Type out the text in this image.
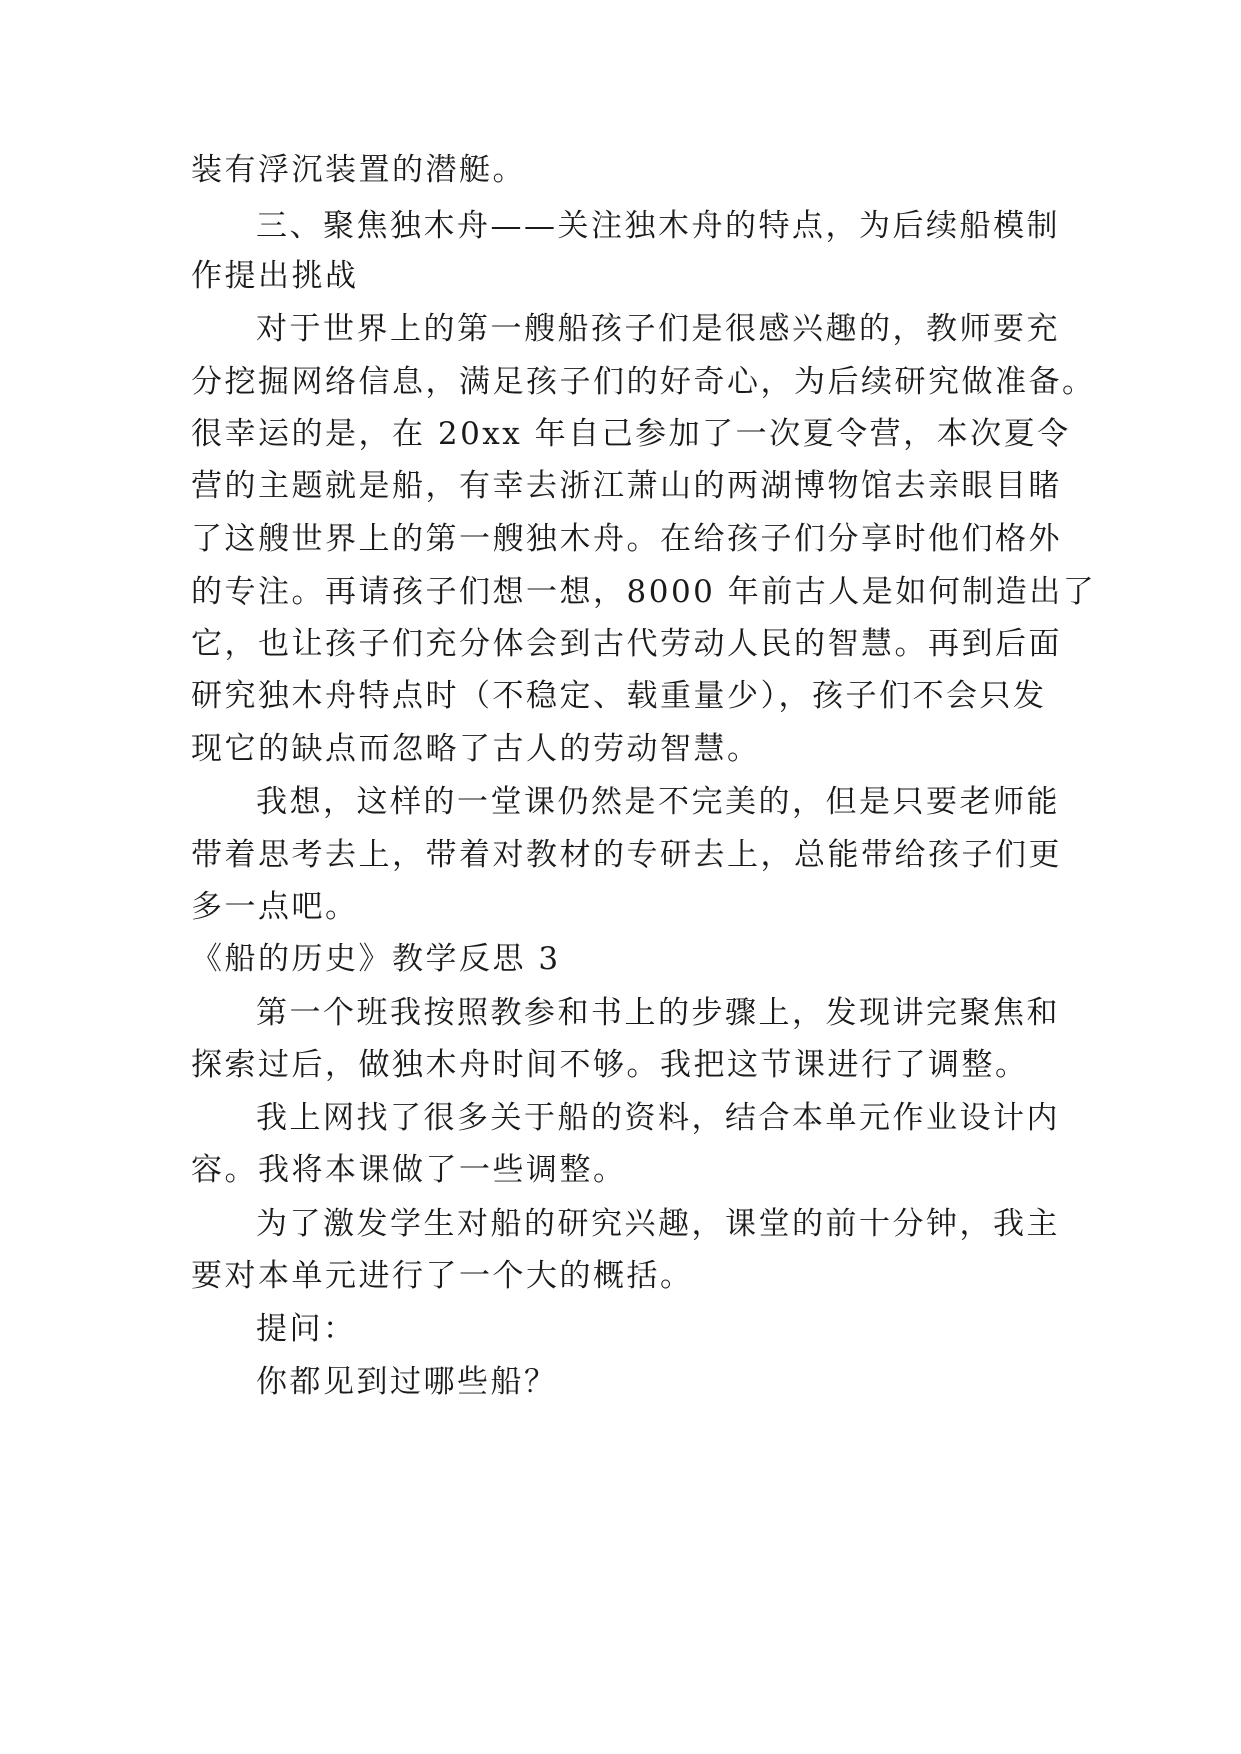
装有浮沉装置的潜艇。
三、聚焦独木舟——关注独木舟的特点，为后续船模制
作提出挑战
对于世界上的第一艘船孩子们是很感兴趣的，教师要充
分挖掘网络信息，满足孩子们的好奇心，为后续研究做准备。
很幸运的是，在 20xx 年自己参加了一次夏令营，本次夏令
营的主题就是船，有幸去浙江萧山的两湖博物馆去亲眼目睹
了这艘世界上的第一艘独木舟。在给孩子们分享时他们格外
的专注。再请孩子们想一想，8000 年前古人是如何制造出了
它，也让孩子们充分体会到古代劳动人民的智慧。再到后面
研究独木舟特点时（不稳定、载重量少），孩子们不会只发
现它的缺点而忽略了古人的劳动智慧。
我想，这样的一堂课仍然是不完美的，但是只要老师能
带着思考去上，带着对教材的专研去上，总能带给孩子们更
多一点吧。
《船的历史》教学反思 3
第一个班我按照教参和书上的步骤上，发现讲完聚焦和
探索过后，做独木舟时间不够。我把这节课进行了调整。
我上网找了很多关于船的资料，结合本单元作业设计内
容。我将本课做了一些调整。
为了激发学生对船的研究兴趣，课堂的前十分钟，我主
要对本单元进行了一个大的概括。
提问：
你都见到过哪些船？
